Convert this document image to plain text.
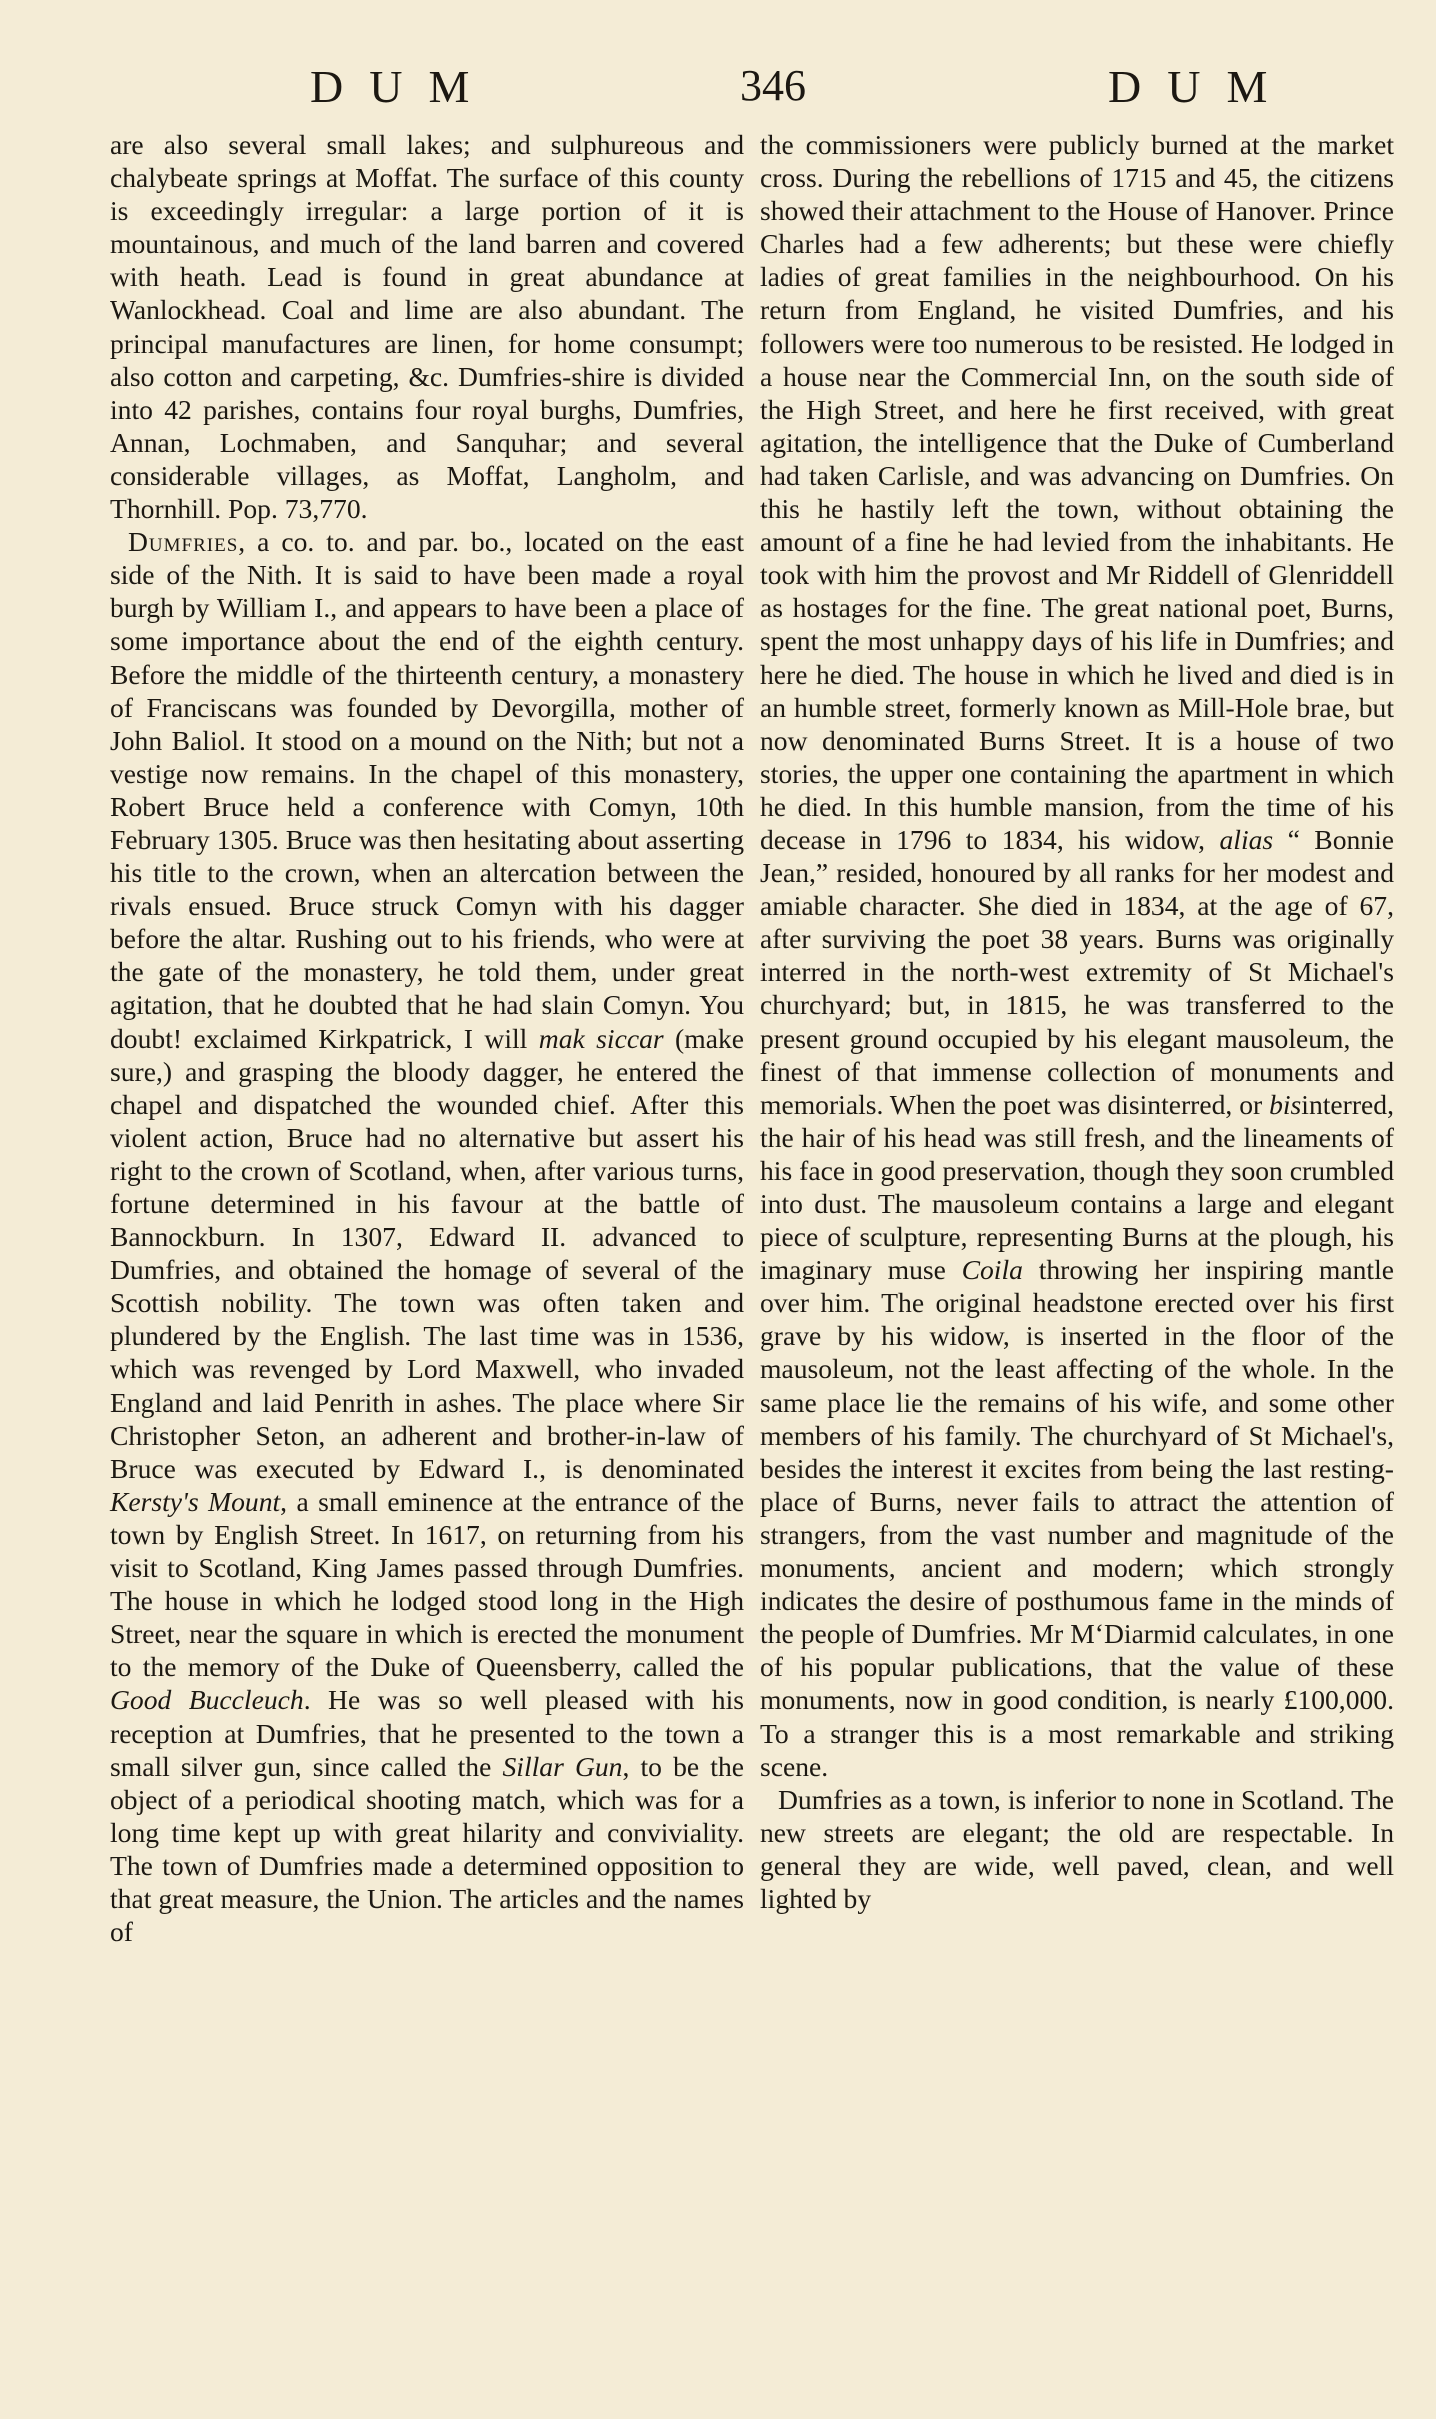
DUM	346	DUM

are also several small lakes; and sulphureous and chalybeate springs at Moffat. The surface of this county is exceedingly irregular: a large portion of it is mountainous, and much of the land barren and covered with heath. Lead is found in great abundance at Wanlockhead. Coal and lime are also abundant. The principal manufactures are linen, for home consumpt; also cotton and carpeting, &c. Dumfries-shire is divided into 42 parishes, contains four royal burghs, Dumfries, Annan, Lochmaben, and Sanquhar; and several considerable villages, as Moffat, Langholm, and Thornhill. Pop. 73,770.

Dumfries, a co. to. and par. bo., located on the east side of the Nith. It is said to have been made a royal burgh by William I., and appears to have been a place of some importance about the end of the eighth century. Before the middle of the thirteenth century, a monastery of Franciscans was founded by Devorgilla, mother of John Baliol. It stood on a mound on the Nith; but not a vestige now remains. In the chapel of this monastery, Robert Bruce held a conference with Comyn, 10th February 1305. Bruce was then hesitating about asserting his title to the crown, when an altercation between the rivals ensued. Bruce struck Comyn with his dagger before the altar. Rushing out to his friends, who were at the gate of the monastery, he told them, under great agitation, that he doubted that he had slain Comyn. You doubt! exclaimed Kirkpatrick, I will mak siccar (make sure,) and grasping the bloody dagger, he entered the chapel and dispatched the wounded chief. After this violent action, Bruce had no alternative but assert his right to the crown of Scotland, when, after various turns, fortune determined in his favour at the battle of Bannockburn. In 1307, Edward II. advanced to Dumfries, and obtained the homage of several of the Scottish nobility. The town was often taken and plundered by the English. The last time was in 1536, which was revenged by Lord Maxwell, who invaded England and laid Penrith in ashes. The place where Sir Christopher Seton, an adherent and brother-in-law of Bruce was executed by Edward I., is denominated Kersty's Mount, a small eminence at the entrance of the town by English Street. In 1617, on returning from his visit to Scotland, King James passed through Dumfries. The house in which he lodged stood long in the High Street, near the square in which is erected the monument to the memory of the Duke of Queensberry, called the Good Buccleuch. He was so well pleased with his reception at Dumfries, that he presented to the town a small silver gun, since called the Sillar Gun, to be the object of a periodical shooting match, which was for a long time kept up with great hilarity and conviviality. The town of Dumfries made a determined opposition to that great measure, the Union. The articles and the names of

the commissioners were publicly burned at the market cross. During the rebellions of 1715 and 45, the citizens showed their attachment to the House of Hanover. Prince Charles had a few adherents; but these were chiefly ladies of great families in the neighbourhood. On his return from England, he visited Dumfries, and his followers were too numerous to be resisted. He lodged in a house near the Commercial Inn, on the south side of the High Street, and here he first received, with great agitation, the intelligence that the Duke of Cumberland had taken Carlisle, and was advancing on Dumfries. On this he hastily left the town, without obtaining the amount of a fine he had levied from the inhabitants. He took with him the provost and Mr Riddell of Glenriddell as hostages for the fine. The great national poet, Burns, spent the most unhappy days of his life in Dumfries; and here he died. The house in which he lived and died is in an humble street, formerly known as Mill-Hole brae, but now denominated Burns Street. It is a house of two stories, the upper one containing the apartment in which he died. In this humble mansion, from the time of his decease in 1796 to 1834, his widow, alias “ Bonnie Jean,” resided, honoured by all ranks for her modest and amiable character. She died in 1834, at the age of 67, after surviving the poet 38 years. Burns was originally interred in the north-west extremity of St Michael's churchyard; but, in 1815, he was transferred to the present ground occupied by his elegant mausoleum, the finest of that immense collection of monuments and memorials. When the poet was disinterred, or bisinterred, the hair of his head was still fresh, and the lineaments of his face in good preservation, though they soon crumbled into dust. The mausoleum contains a large and elegant piece of sculpture, representing Burns at the plough, his imaginary muse Coila throwing her inspiring mantle over him. The original headstone erected over his first grave by his widow, is inserted in the floor of the mausoleum, not the least affecting of the whole. In the same place lie the remains of his wife, and some other members of his family. The churchyard of St Michael's, besides the interest it excites from being the last resting-place of Burns, never fails to attract the attention of strangers, from the vast number and magnitude of the monuments, ancient and modern; which strongly indicates the desire of posthumous fame in the minds of the people of Dumfries. Mr M‘Diarmid calculates, in one of his popular publications, that the value of these monuments, now in good condition, is nearly £100,000. To a stranger this is a most remarkable and striking scene.

Dumfries as a town, is inferior to none in Scotland. The new streets are elegant; the old are respectable. In general they are wide, well paved, clean, and well lighted by
